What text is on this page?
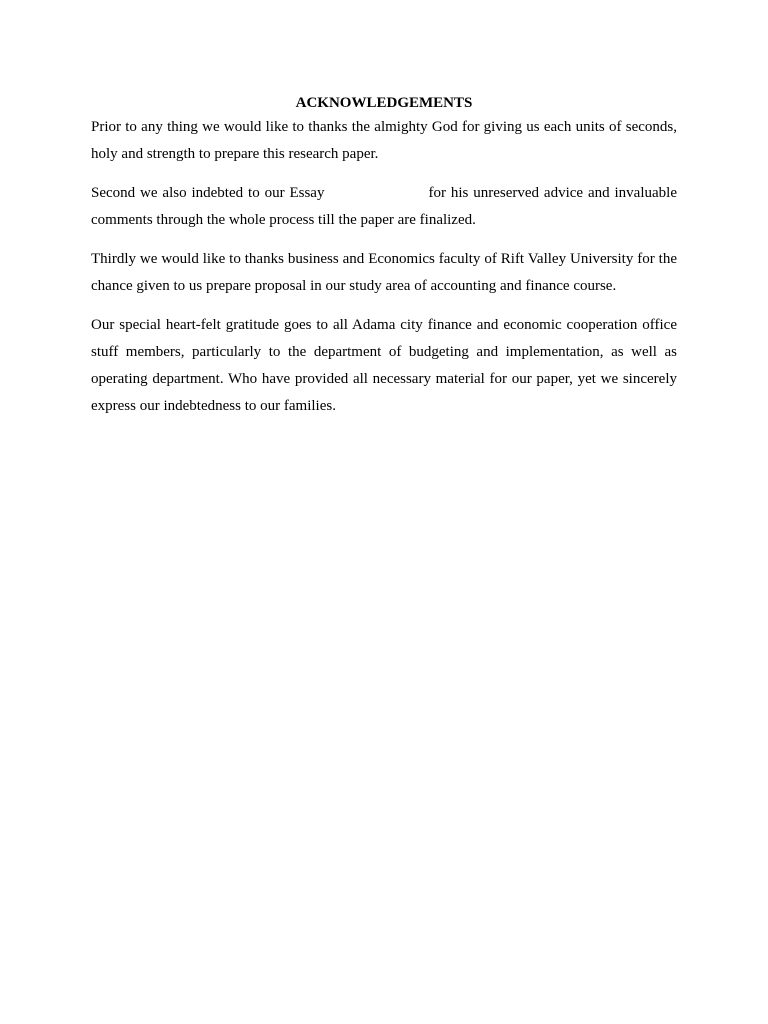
ACKNOWLEDGEMENTS

Prior to any thing we would like to thanks the almighty God for giving us each units of seconds, holy and strength to prepare this research paper.

Second we also indebted to our Essay	for his unreserved advice and invaluable comments through the whole process till the paper are finalized.

Thirdly we would like to thanks business and Economics faculty of Rift Valley University for the chance given to us prepare proposal in our study area of accounting and finance course.

Our special heart-felt gratitude goes to all Adama city finance and economic cooperation office stuff members, particularly to the department of budgeting and implementation, as well as operating department. Who have provided all necessary material for our paper, yet we sincerely express our indebtedness to our families.
